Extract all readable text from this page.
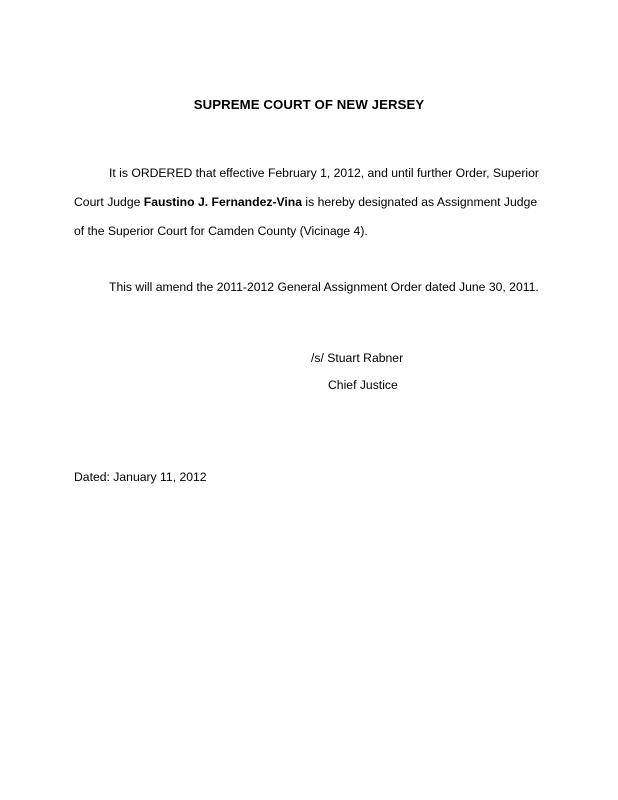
SUPREME COURT OF NEW JERSEY
It is ORDERED that effective February 1, 2012, and until further Order, Superior
Court Judge Faustino J. Fernandez-Vina is hereby designated as Assignment Judge
of the Superior Court for Camden County (Vicinage 4).
This will amend the 2011-2012 General Assignment Order dated June 30, 2011.
/s/ Stuart Rabner
Chief Justice
Dated: January 11, 2012
